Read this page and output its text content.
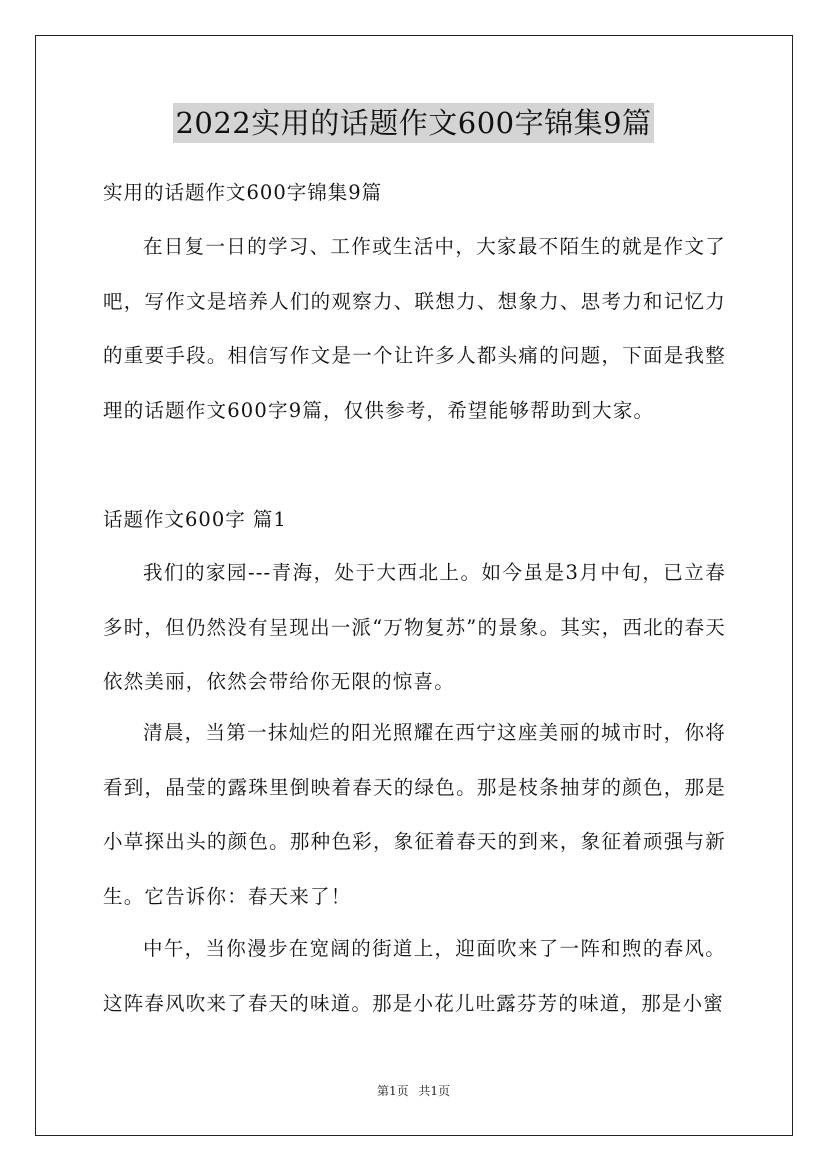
2022实用的话题作文600字锦集9篇
实用的话题作文600字锦集9篇
在日复一日的学习、工作或生活中，大家最不陌生的就是作文了吧，写作文是培养人们的观察力、联想力、想象力、思考力和记忆力的重要手段。相信写作文是一个让许多人都头痛的问题，下面是我整理的话题作文600字9篇，仅供参考，希望能够帮助到大家。
话题作文600字 篇1
我们的家园---青海，处于大西北上。如今虽是3月中旬，已立春多时，但仍然没有呈现出一派“万物复苏”的景象。其实，西北的春天依然美丽，依然会带给你无限的惊喜。
清晨，当第一抹灿烂的阳光照耀在西宁这座美丽的城市时，你将看到，晶莹的露珠里倒映着春天的绿色。那是枝条抽芽的颜色，那是小草探出头的颜色。那种色彩，象征着春天的到来，象征着顽强与新生。它告诉你：春天来了！
中午，当你漫步在宽阔的街道上，迎面吹来了一阵和煦的春风。这阵春风吹来了春天的味道。那是小花儿吐露芬芳的味道，那是小蜜
第1页 共1页
